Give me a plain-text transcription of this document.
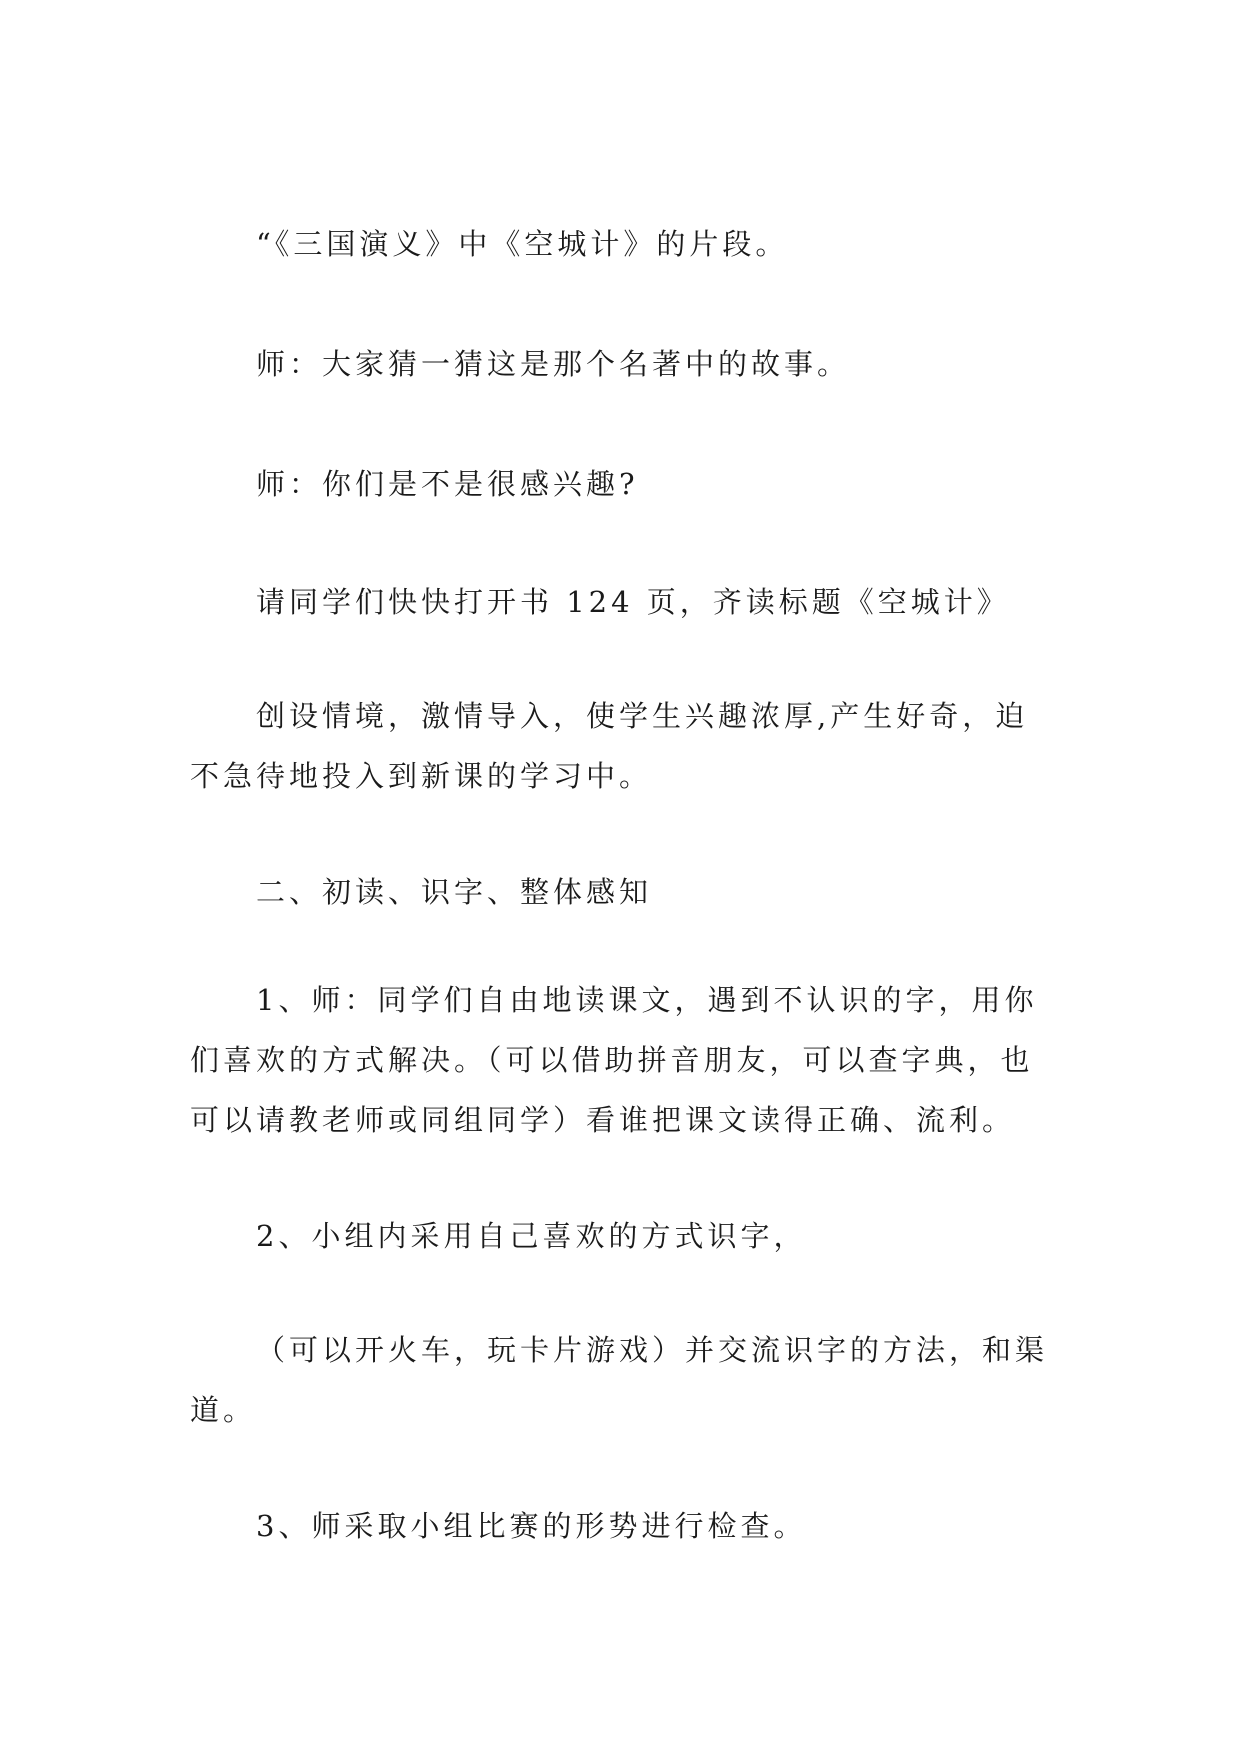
“《三国演义》中《空城计》的片段。

师：大家猜一猜这是那个名著中的故事。

师：你们是不是很感兴趣?

请同学们快快打开书 124 页，齐读标题《空城计》

创设情境，激情导入，使学生兴趣浓厚,产生好奇，迫不急待地投入到新课的学习中。

二、初读、识字、整体感知

1、师：同学们自由地读课文，遇到不认识的字，用你们喜欢的方式解决。（可以借助拼音朋友，可以查字典，也可以请教老师或同组同学）看谁把课文读得正确、流利。

2、小组内采用自己喜欢的方式识字，

（可以开火车，玩卡片游戏）并交流识字的方法，和渠道。

3、师采取小组比赛的形势进行检查。
